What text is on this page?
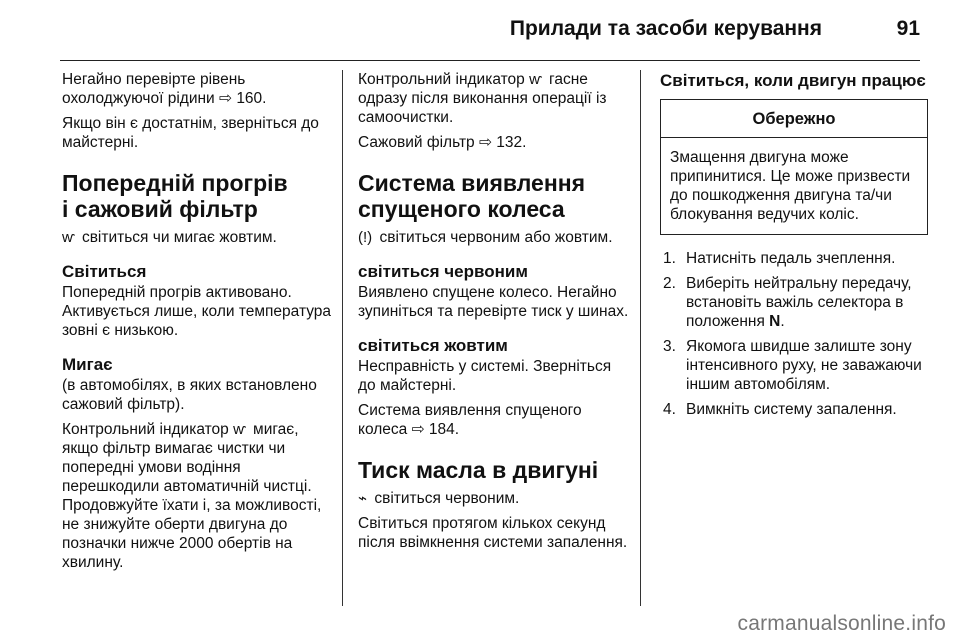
Прилади та засоби керування	91

Негайно перевірте рівень охолоджуючої рідини ⇨ 160.

Якщо він є достатнім, зверніться до майстерні.

Попередній прогрів
і сажовий фільтр

ⱳ світиться чи мигає жовтим.

Світиться

Попередній прогрів активовано. Активується лише, коли температура зовні є низькою.

Мигає

(в автомобілях, в яких встановлено сажовий фільтр).

Контрольний індикатор ⱳ мигає, якщо фільтр вимагає чистки чи попередні умови водіння перешкодили автоматичній чистці. Продовжуйте їхати і, за можливості, не знижуйте оберти двигуна до позначки нижче 2000 обертів на хвилину.

Контрольний індикатор ⱳ гасне одразу після виконання операції із самоочистки.

Сажовий фільтр ⇨ 132.

Система виявлення
спущеного колеса

(!) світиться червоним або жовтим.

світиться червоним

Виявлено спущене колесо. Негайно зупиніться та перевірте тиск у шинах.

світиться жовтим

Несправність у системі. Зверніться до майстерні.

Система виявлення спущеного колеса ⇨ 184.

Тиск масла в двигуні

⌁ світиться червоним.

Світиться протягом кількох секунд після ввімкнення системи запалення.

Світиться, коли двигун працює
Обережно
Змащення двигуна може припинитися. Це може призвести до пошкодження двигуна та/чи блокування ведучих коліс.
1. Натисніть педаль зчеплення.
2. Виберіть нейтральну передачу, встановіть важіль селектора в положення N.
3. Якомога швидше залиште зону інтенсивного руху, не заважаючи іншим автомобілям.
4. Вимкніть систему запалення.
carmanualsonline.info
